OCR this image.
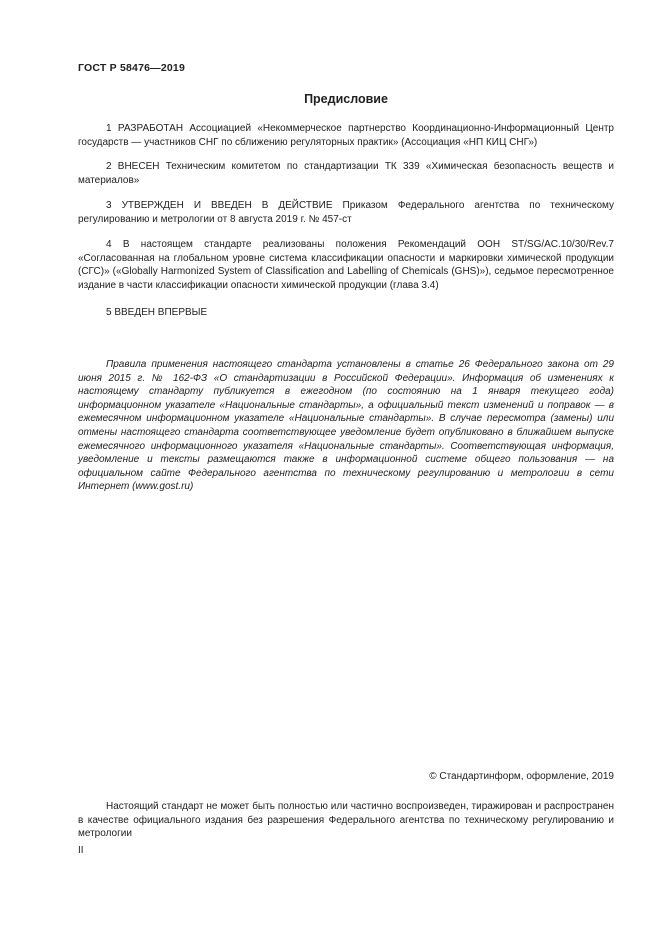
ГОСТ Р 58476—2019
Предисловие
1 РАЗРАБОТАН Ассоциацией «Некоммерческое партнерство Координационно-Информационный Центр государств — участников СНГ по сближению регуляторных практик» (Ассоциация «НП КИЦ СНГ»)
2 ВНЕСЕН Техническим комитетом по стандартизации ТК 339 «Химическая безопасность веществ и материалов»
3 УТВЕРЖДЕН И ВВЕДЕН В ДЕЙСТВИЕ Приказом Федерального агентства по техническому регулированию и метрологии от 8 августа 2019 г. № 457-ст
4 В настоящем стандарте реализованы положения Рекомендаций ООН ST/SG/AC.10/30/Rev.7 «Согласованная на глобальном уровне система классификации опасности и маркировки химической продукции (СГС)» («Globally Harmonized System of Classification and Labelling of Chemicals (GHS)»), седьмое пересмотренное издание в части классификации опасности химической продукции (глава 3.4)
5 ВВЕДЕН ВПЕРВЫЕ
Правила применения настоящего стандарта установлены в статье 26 Федерального закона от 29 июня 2015 г. № 162-ФЗ «О стандартизации в Российской Федерации». Информация об изменениях к настоящему стандарту публикуется в ежегодном (по состоянию на 1 января текущего года) информационном указателе «Национальные стандарты», а официальный текст изменений и поправок — в ежемесячном информационном указателе «Национальные стандарты». В случае пересмотра (замены) или отмены настоящего стандарта соответствующее уведомление будет опубликовано в ближайшем выпуске ежемесячного информационного указателя «Национальные стандарты». Соответствующая информация, уведомление и тексты размещаются также в информационной системе общего пользования — на официальном сайте Федерального агентства по техническому регулированию и метрологии в сети Интернет (www.gost.ru)
© Стандартинформ, оформление, 2019
Настоящий стандарт не может быть полностью или частично воспроизведен, тиражирован и распространен в качестве официального издания без разрешения Федерального агентства по техническому регулированию и метрологии
II
